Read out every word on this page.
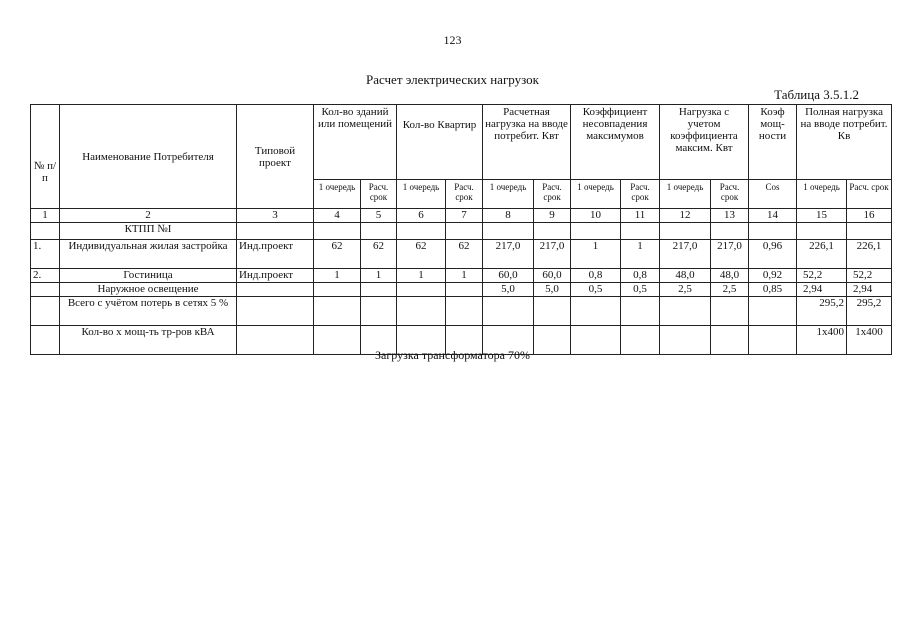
123
Расчет электрических нагрузок
Таблица 3.5.1.2
№ п/п	Наименование Потребителя	Типовой проект	Кол-во зданий или помещений		Кол-во Квартир		Расчетная нагрузка на вводе потребит. Квт		Коэффициент несовпадения максимумов		Нагрузка с учетом коэффициента максим. Квт		Коэф мощ-ности	Полная нагрузка на вводе потребит. Кв	
			1 очередь	Расч. срок	1 очередь	Расч. срок	1 очередь	Расч. срок	1 очередь	Расч. срок	1 очередь	Расч. срок	Cos	1 очередь	Расч. срок
1	2	3	4	5	6	7	8	9	10	11	12	13	14	15	16
	КТПП №I														
1.	Индивидуальная жилая застройка	Инд.проект	62	62	62	62	217,0	217,0	1	1	217,0	217,0	0,96	226,1	226,1
2.	Гостиница	Инд.проект	1	1	1	1	60,0	60,0	0,8	0,8	48,0	48,0	0,92	52,2	52,2
	Наружное освещение						5,0	5,0	0,5	0,5	2,5	2,5	0,85	2,94	2,94
	Всего с учётом потерь в сетях 5 %													295,2	295,2
	Кол-во х мощ-ть тр-ров кВА													1х400	1х400
Загрузка трансформатора 70%
